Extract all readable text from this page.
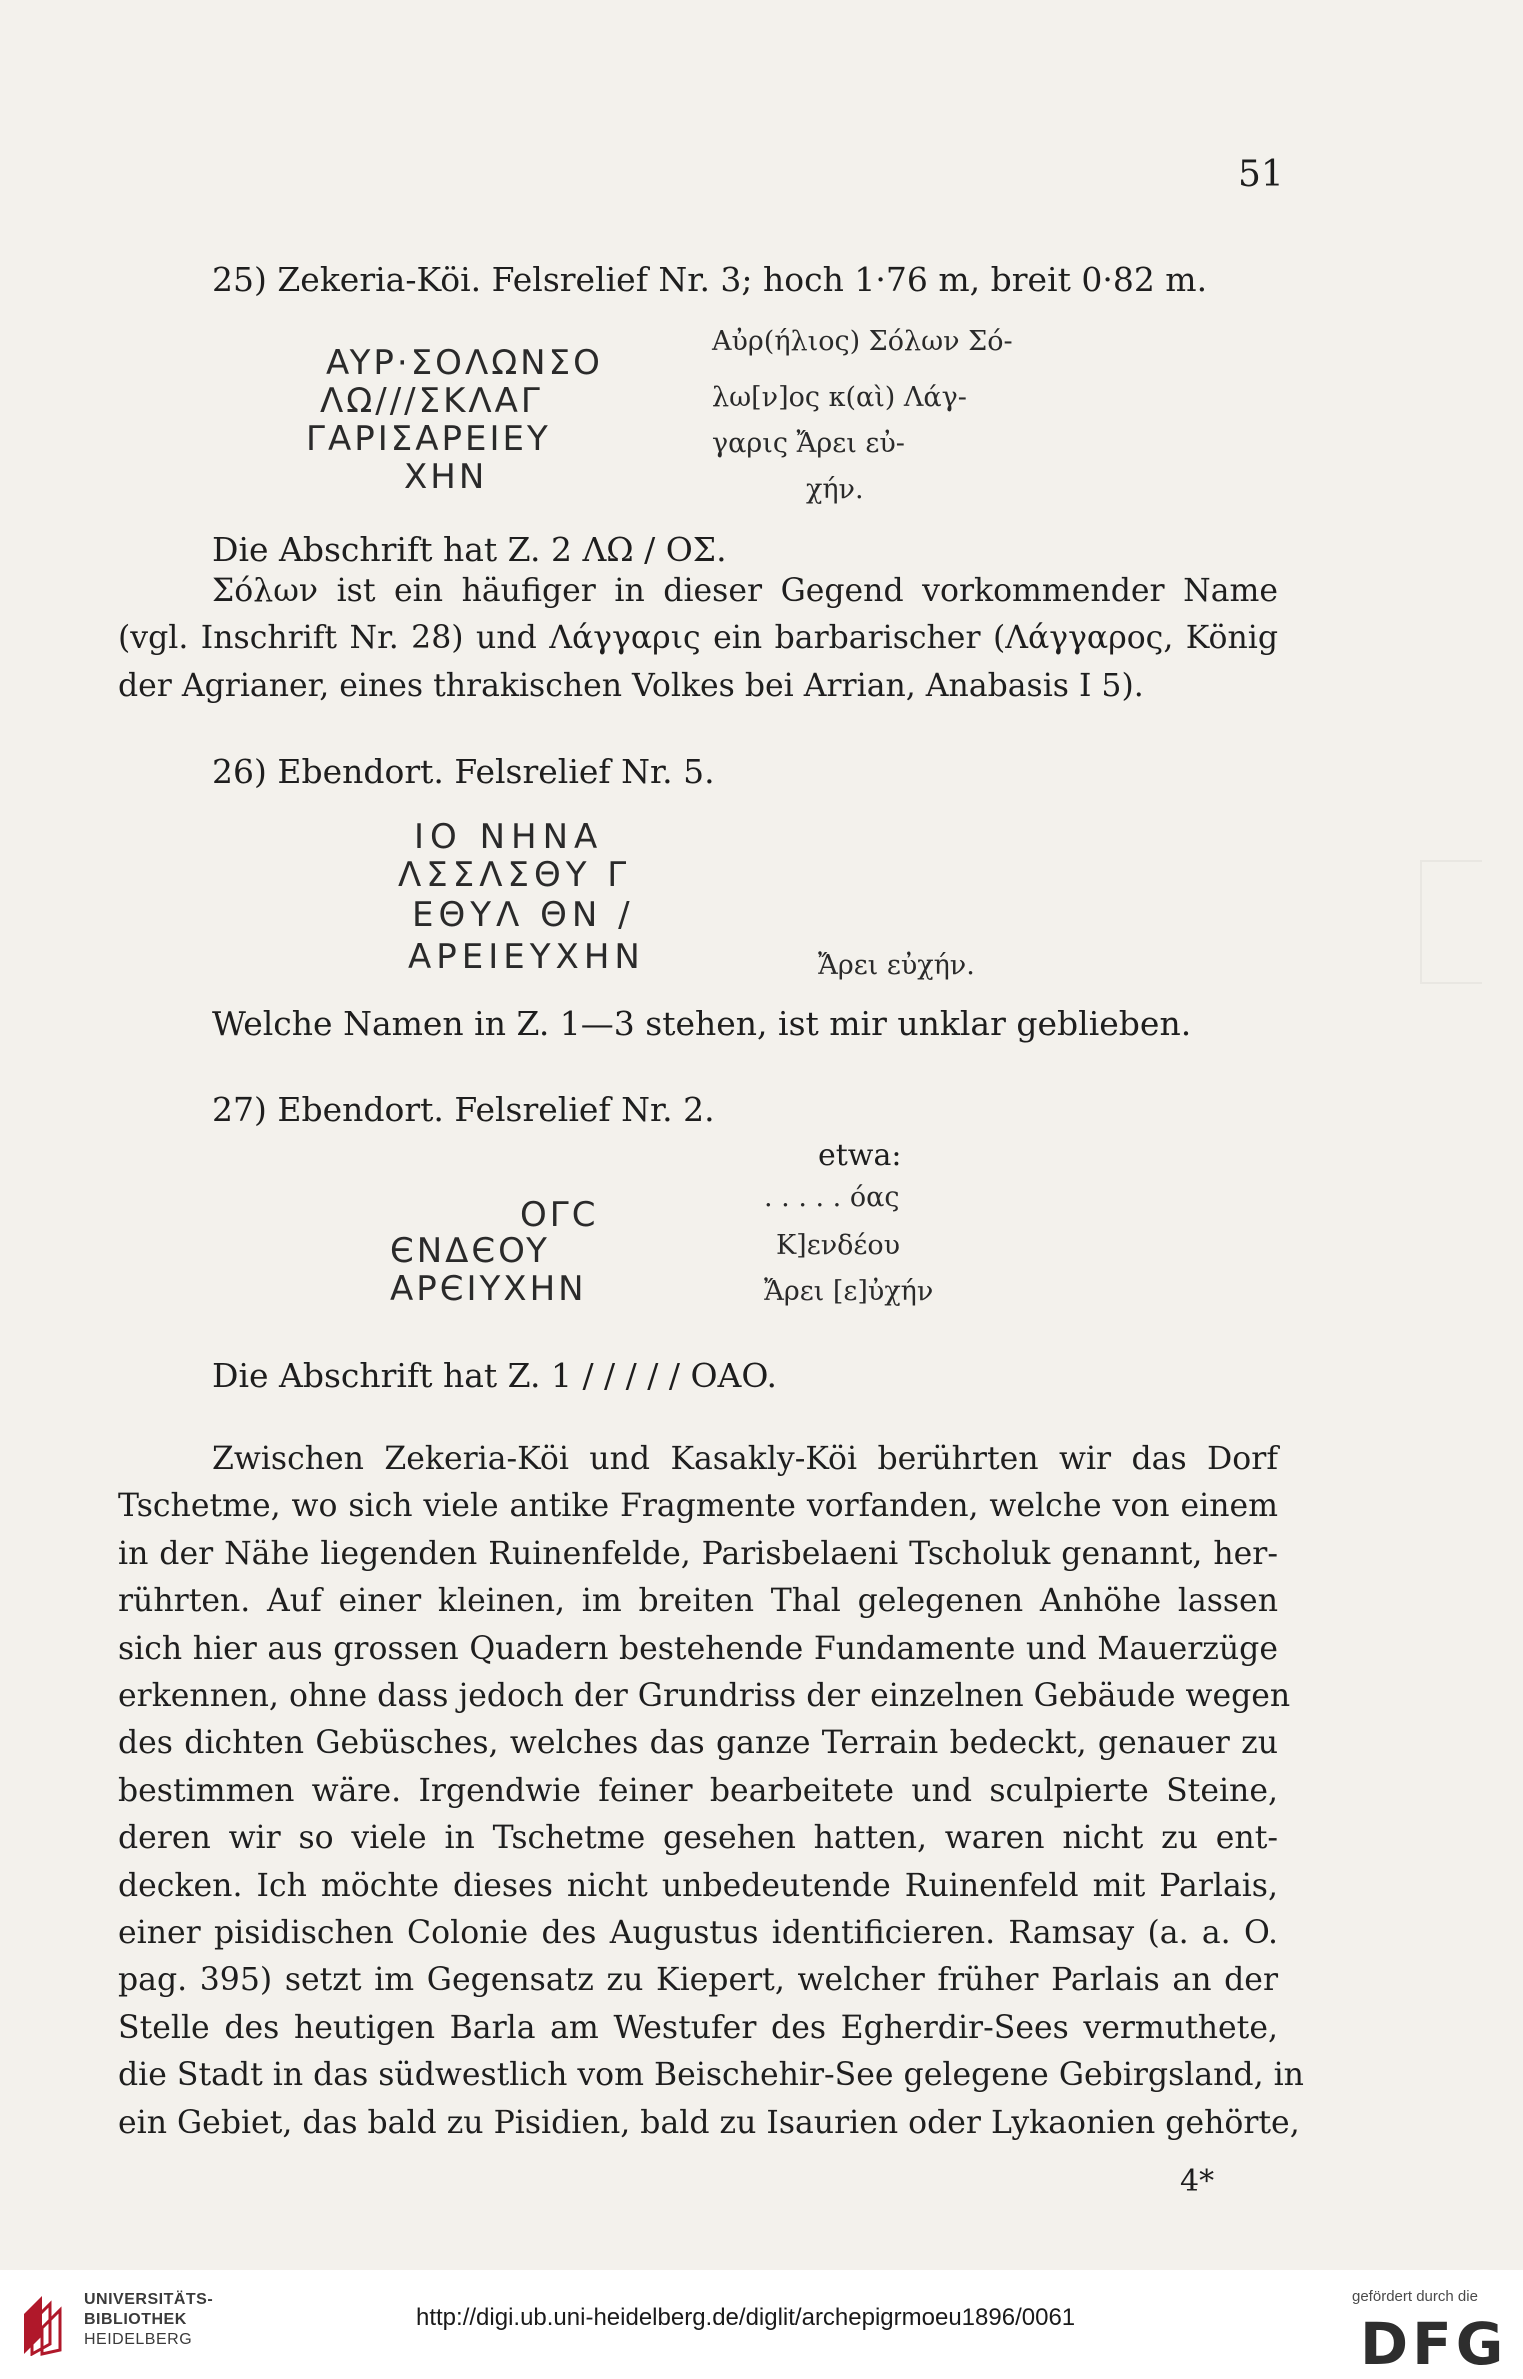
51
25) Zekeria-Köi. Felsrelief Nr. 3; hoch 1·76 m, breit 0·82 m.
AYP·ΣOΛΩNΣO
ΛΩ///ΣKΛAΓ
ΓAPIΣAPEIEY
XHN
Αὐρ(ήλιος) Σόλων Σό-
λω[ν]ος κ(αὶ) Λάγ-
γαρις Ἄρει εὐ-
χήν.
Die Abschrift hat Z. 2 ΛΩ / OΣ.
Σόλων ist ein häufiger in dieser Gegend vorkommender Name
(vgl. Inschrift Nr. 28) und Λάγγαρις ein barbarischer (Λάγγαρος, König
der Agrianer, eines thrakischen Volkes bei Arrian, Anabasis I 5).
26) Ebendort. Felsrelief Nr. 5.
IO NHNA
ΛΣΣΛΣΘY Γ
EΘYΛ ΘN /
APEIEYXHN	Ἄρει εὐχήν.
Welche Namen in Z. 1—3 stehen, ist mir unklar geblieben.
27) Ebendort. Felsrelief Nr. 2.
etwa:
OΓC
ЄNΔЄOY
APЄIYXHN
. . . . . όας
K]ενδέου
Ἄρει [ε]ὐχήν
Die Abschrift hat Z. 1 / / / / / OAO.
Zwischen Zekeria-Köi und Kasakly-Köi berührten wir das Dorf
Tschetme, wo sich viele antike Fragmente vorfanden, welche von einem
in der Nähe liegenden Ruinenfelde, Parisbelaeni Tscholuk genannt, her-
rührten. Auf einer kleinen, im breiten Thal gelegenen Anhöhe lassen
sich hier aus grossen Quadern bestehende Fundamente und Mauerzüge
erkennen, ohne dass jedoch der Grundriss der einzelnen Gebäude wegen
des dichten Gebüsches, welches das ganze Terrain bedeckt, genauer zu
bestimmen wäre. Irgendwie feiner bearbeitete und sculpierte Steine,
deren wir so viele in Tschetme gesehen hatten, waren nicht zu ent-
decken. Ich möchte dieses nicht unbedeutende Ruinenfeld mit Parlais,
einer pisidischen Colonie des Augustus identificieren. Ramsay (a. a. O.
pag. 395) setzt im Gegensatz zu Kiepert, welcher früher Parlais an der
Stelle des heutigen Barla am Westufer des Egherdir-Sees vermuthete,
die Stadt in das südwestlich vom Beischehir-See gelegene Gebirgsland, in
ein Gebiet, das bald zu Pisidien, bald zu Isaurien oder Lykaonien gehörte,
4*
UNIVERSITÄTS-
BIBLIOTHEK
HEIDELBERG
http://digi.ub.uni-heidelberg.de/diglit/archepigrmoeu1896/0061
gefördert durch die
DFG
